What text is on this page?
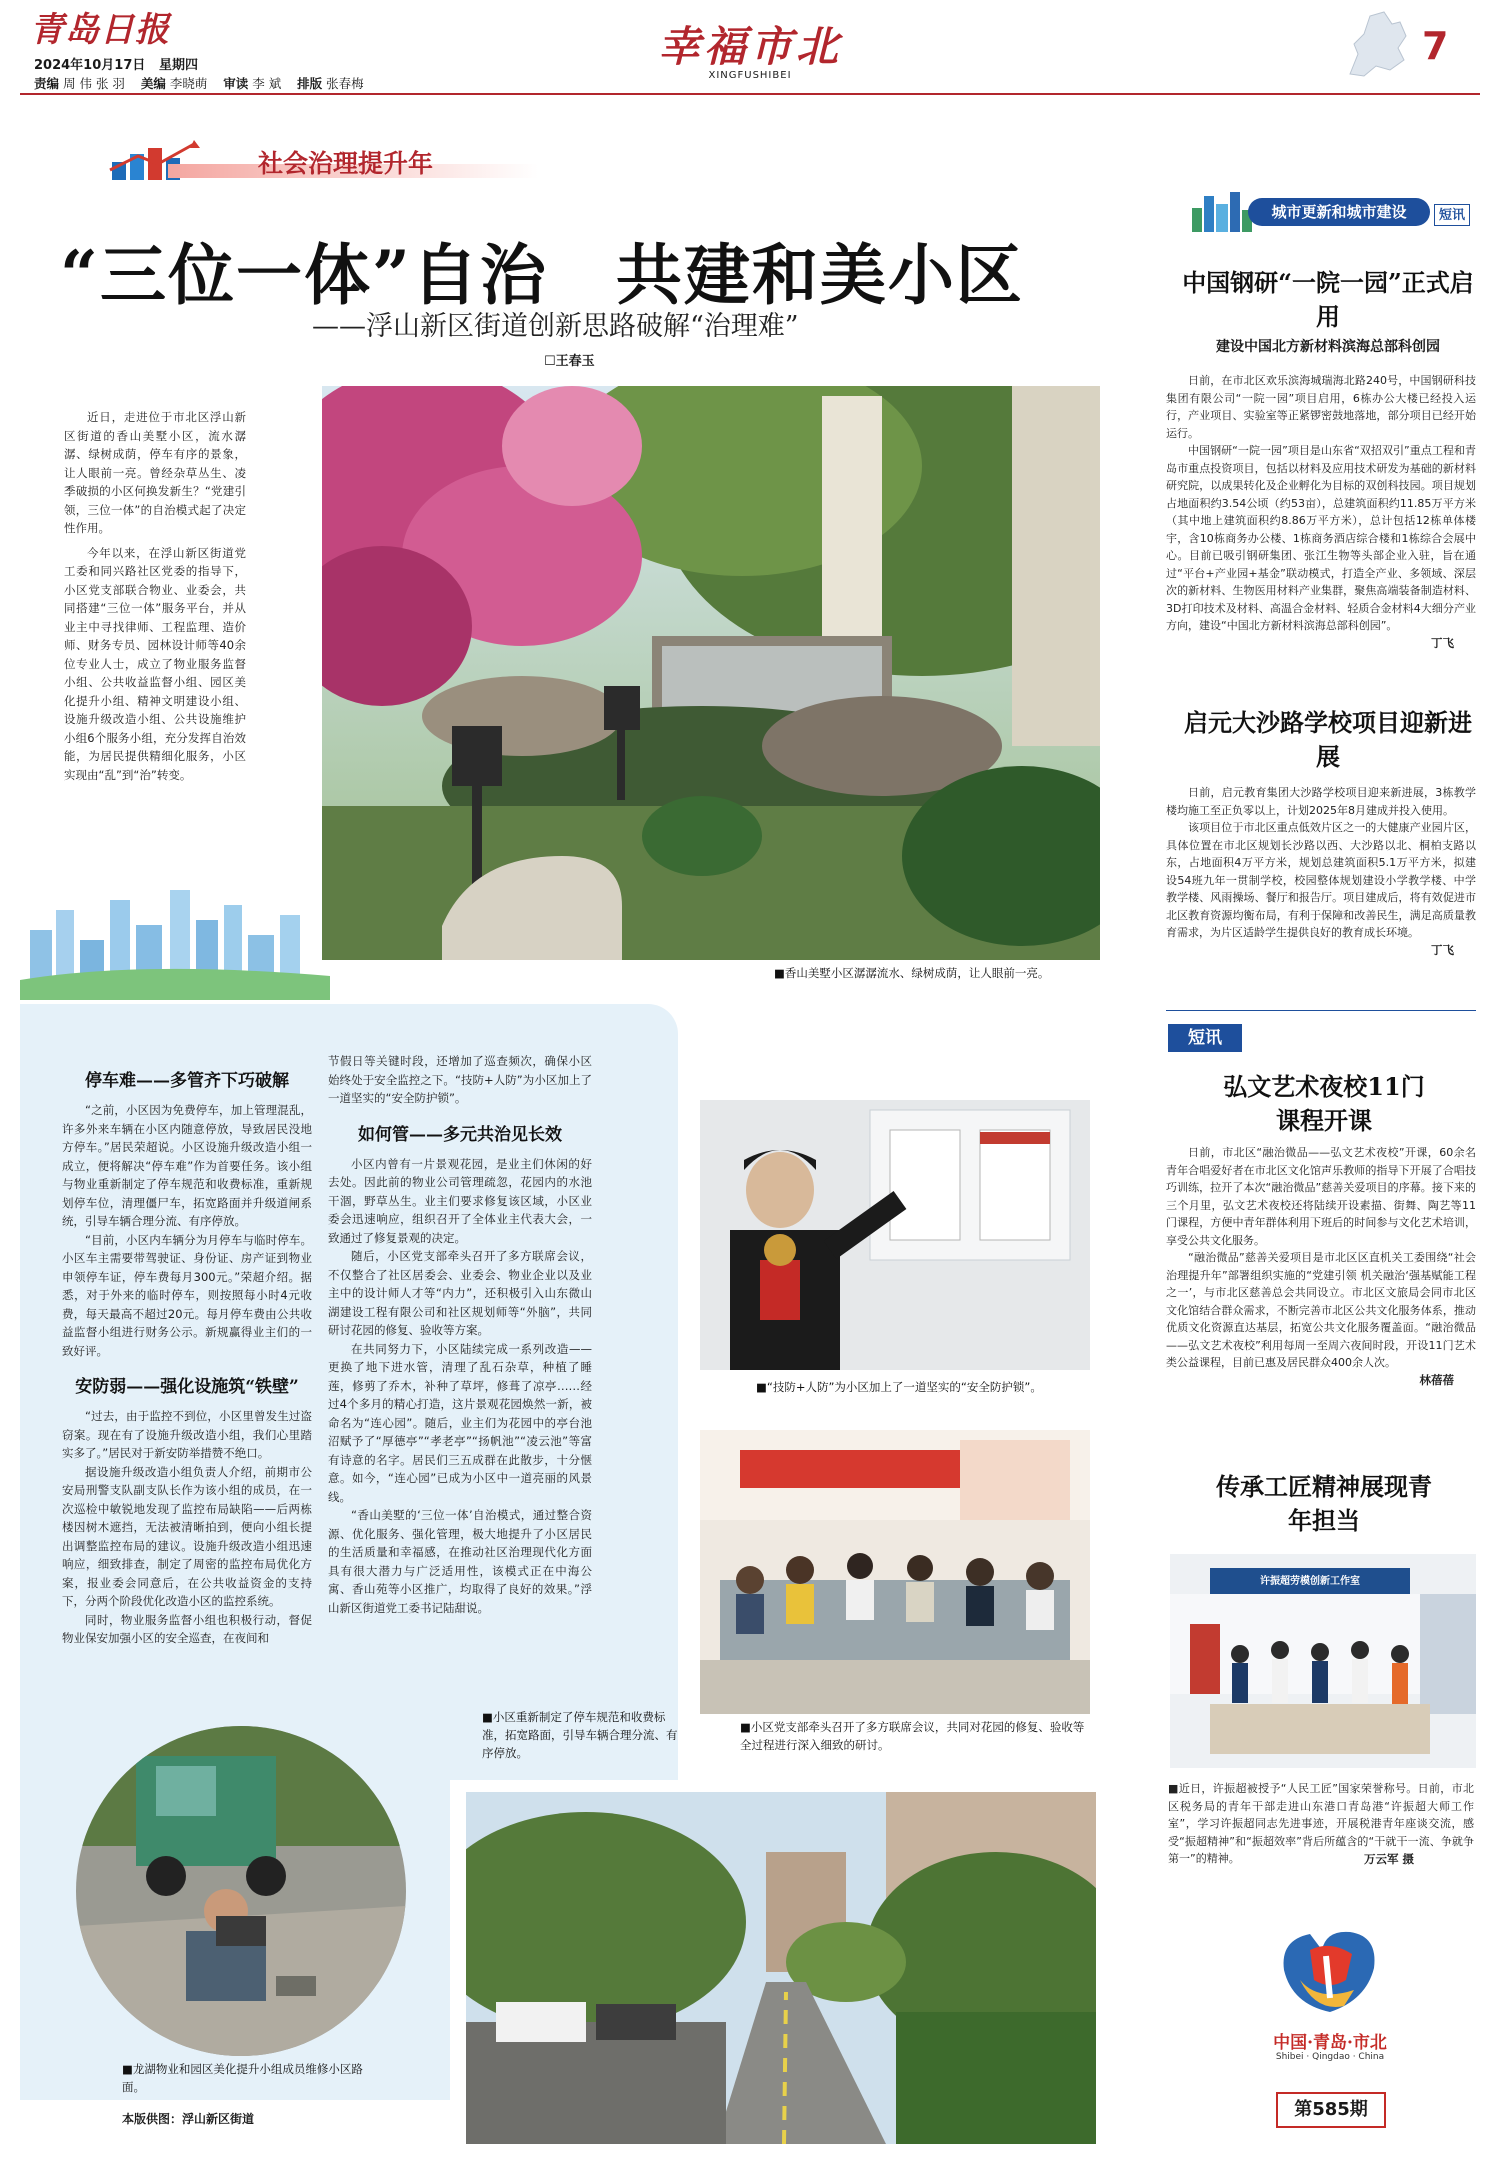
青岛日报
2024年10月17日 星期四
责编 周 伟 张 羽 美编 李晓萌 审读 李 斌 排版 张春梅
幸福市北
XINGFUSHIBEI
7
社会治理提升年
“三位一体”自治　共建和美小区
——浮山新区街道创新思路破解“治理难”
☐王春玉

近日，走进位于市北区浮山新区街道的香山美墅小区，流水潺潺、绿树成荫，停车有序的景象，让人眼前一亮。曾经杂草丛生、凌季破损的小区何换发新生？“党建引领，三位一体”的自治模式起了决定性作用。

今年以来，在浮山新区街道党工委和同兴路社区党委的指导下，小区党支部联合物业、业委会，共同搭建“三位一体”服务平台，并从业主中寻找律师、工程监理、造价师、财务专员、园林设计师等40余位专业人士，成立了物业服务监督小组、公共收益监督小组、园区美化提升小组、精神文明建设小组、设施升级改造小组、公共设施维护小组6个服务小组，充分发挥自治效能，为居民提供精细化服务，小区实现由“乱”到“治”转变。

■香山美墅小区潺潺流水、绿树成荫，让人眼前一亮。
停车难——多管齐下巧破解

“之前，小区因为免费停车，加上管理混乱，许多外来车辆在小区内随意停放，导致居民没地方停车。”居民荣超说。小区设施升级改造小组一成立，便将解决“停车难”作为首要任务。该小组与物业重新制定了停车规范和收费标准，重新规划停车位，清理僵尸车，拓宽路面并升级道闸系统，引导车辆合理分流、有序停放。

“目前，小区内车辆分为月停车与临时停车。小区车主需要带驾驶证、身份证、房产证到物业申领停车证，停车费每月300元。”荣超介绍。据悉，对于外来的临时停车，则按照每小时4元收费，每天最高不超过20元。每月停车费由公共收益监督小组进行财务公示。新规赢得业主们的一致好评。

安防弱——强化设施筑“铁壁”

“过去，由于监控不到位，小区里曾发生过盗窃案。现在有了设施升级改造小组，我们心里踏实多了。”居民对于新安防举措赞不绝口。

据设施升级改造小组负责人介绍，前期市公安局刑警支队副支队长作为该小组的成员，在一次巡检中敏锐地发现了监控布局缺陷——后两栋楼因树木遮挡，无法被清晰拍到，便向小组长提出调整监控布局的建议。设施升级改造小组迅速响应，细致排查，制定了周密的监控布局优化方案，报业委会同意后，在公共收益资金的支持下，分两个阶段优化改造小区的监控系统。

同时，物业服务监督小组也积极行动，督促物业保安加强小区的安全巡查，在夜间和

节假日等关键时段，还增加了巡查频次，确保小区始终处于安全监控之下。“技防+人防”为小区加上了一道坚实的“安全防护锁”。

如何管——多元共治见长效

小区内曾有一片景观花园，是业主们休闲的好去处。因此前的物业公司管理疏忽，花园内的水池干涸，野草丛生。业主们要求修复该区域，小区业委会迅速响应，组织召开了全体业主代表大会，一致通过了修复景观的决定。

随后，小区党支部牵头召开了多方联席会议，不仅整合了社区居委会、业委会、物业企业以及业主中的设计师人才等“内力”，还积极引入山东微山湖建设工程有限公司和社区规划师等“外脑”，共同研讨花园的修复、验收等方案。

在共同努力下，小区陆续完成一系列改造——更换了地下进水管，清理了乱石杂草，种植了睡莲，修剪了乔木，补种了草坪，修葺了凉亭……经过4个多月的精心打造，这片景观花园焕然一新，被命名为“连心园”。随后，业主们为花园中的亭台池沼赋予了“厚德亭”“孝老亭”“扬帆池”“凌云池”等富有诗意的名字。居民们三五成群在此散步，十分惬意。如今，“连心园”已成为小区中一道亮丽的风景线。

“香山美墅的‘三位一体’自治模式，通过整合资源、优化服务、强化管理，极大地提升了小区居民的生活质量和幸福感，在推动社区治理现代化方面具有很大潜力与广泛适用性，该模式正在中海公寓、香山苑等小区推广，均取得了良好的效果。”浮山新区街道党工委书记陆甜说。

■“技防+人防”为小区加上了一道坚实的“安全防护锁”。
■小区党支部牵头召开了多方联席会议，共同对花园的修复、验收等全过程进行深入细致的研讨。
■小区重新制定了停车规范和收费标准，拓宽路面，引导车辆合理分流、有序停放。
■龙湖物业和园区美化提升小组成员维修小区路面。
本版供图：浮山新区街道
城市更新和城市建设	短讯
中国钢研“一院一园”正式启用
建设中国北方新材料滨海总部科创园

日前，在市北区欢乐滨海城瑞海北路240号，中国钢研科技集团有限公司“一院一园”项目启用，6栋办公大楼已经投入运行，产业项目、实验室等正紧锣密鼓地落地，部分项目已经开始运行。

中国钢研“一院一园”项目是山东省“双招双引”重点工程和青岛市重点投资项目，包括以材料及应用技术研发为基础的新材料研究院，以成果转化及企业孵化为目标的双创科技园。项目规划占地面积约3.54公顷（约53亩），总建筑面积约11.85万平方米（其中地上建筑面积约8.86万平方米），总计包括12栋单体楼宇，含10栋商务办公楼、1栋商务酒店综合楼和1栋综合会展中心。目前已吸引钢研集团、张江生物等头部企业入驻，旨在通过“平台+产业园+基金”联动模式，打造全产业、多领域、深层次的新材料、生物医用材料产业集群，聚焦高端装备制造材料、3D打印技术及材料、高温合金材料、轻质合金材料4大细分产业方向，建设“中国北方新材料滨海总部科创园”。

丁飞
启元大沙路学校项目迎新进展

日前，启元教育集团大沙路学校项目迎来新进展，3栋教学楼均施工至正负零以上，计划2025年8月建成并投入使用。

该项目位于市北区重点低效片区之一的大健康产业园片区，具体位置在市北区规划长沙路以西、大沙路以北、桐柏支路以东，占地面积4万平方米，规划总建筑面积5.1万平方米，拟建设54班九年一贯制学校，校园整体规划建设小学教学楼、中学教学楼、风雨操场、餐厅和报告厅。项目建成后，将有效促进市北区教育资源均衡布局，有利于保障和改善民生，满足高质量教育需求，为片区适龄学生提供良好的教育成长环境。

丁飞
短讯
弘文艺术夜校11门课程开课

日前，市北区“融治微品——弘文艺术夜校”开课，60余名青年合唱爱好者在市北区文化馆声乐教师的指导下开展了合唱技巧训练，拉开了本次“融治微品”慈善关爱项目的序幕。接下来的三个月里，弘文艺术夜校还将陆续开设素描、街舞、陶艺等11门课程，方便中青年群体利用下班后的时间参与文化艺术培训，享受公共文化服务。

“融治微品”慈善关爱项目是市北区区直机关工委围绕“社会治理提升年”部署组织实施的“党建引领 机关融治‘强基赋能工程之一’，与市北区慈善总会共同设立。市北区文旅局会同市北区文化馆结合群众需求，不断完善市北区公共文化服务体系，推动优质文化资源直达基层，拓宽公共文化服务覆盖面。“融治微品——弘文艺术夜校”利用每周一至周六夜间时段，开设11门艺术类公益课程，目前已惠及居民群众400余人次。

林蓓蓓
传承工匠精神展现青年担当
许振超劳模创新工作室

■近日，许振超被授予“人民工匠”国家荣誉称号。日前，市北区税务局的青年干部走进山东港口青岛港“许振超大师工作室”，学习许振超同志先进事迹，开展税港青年座谈交流，感受“振超精神”和“振超效率”背后所蕴含的“干就干一流、争就争第一”的精神。	万云军 摄
中国·青岛·市北
Shibei · Qingdao · China
第585期
